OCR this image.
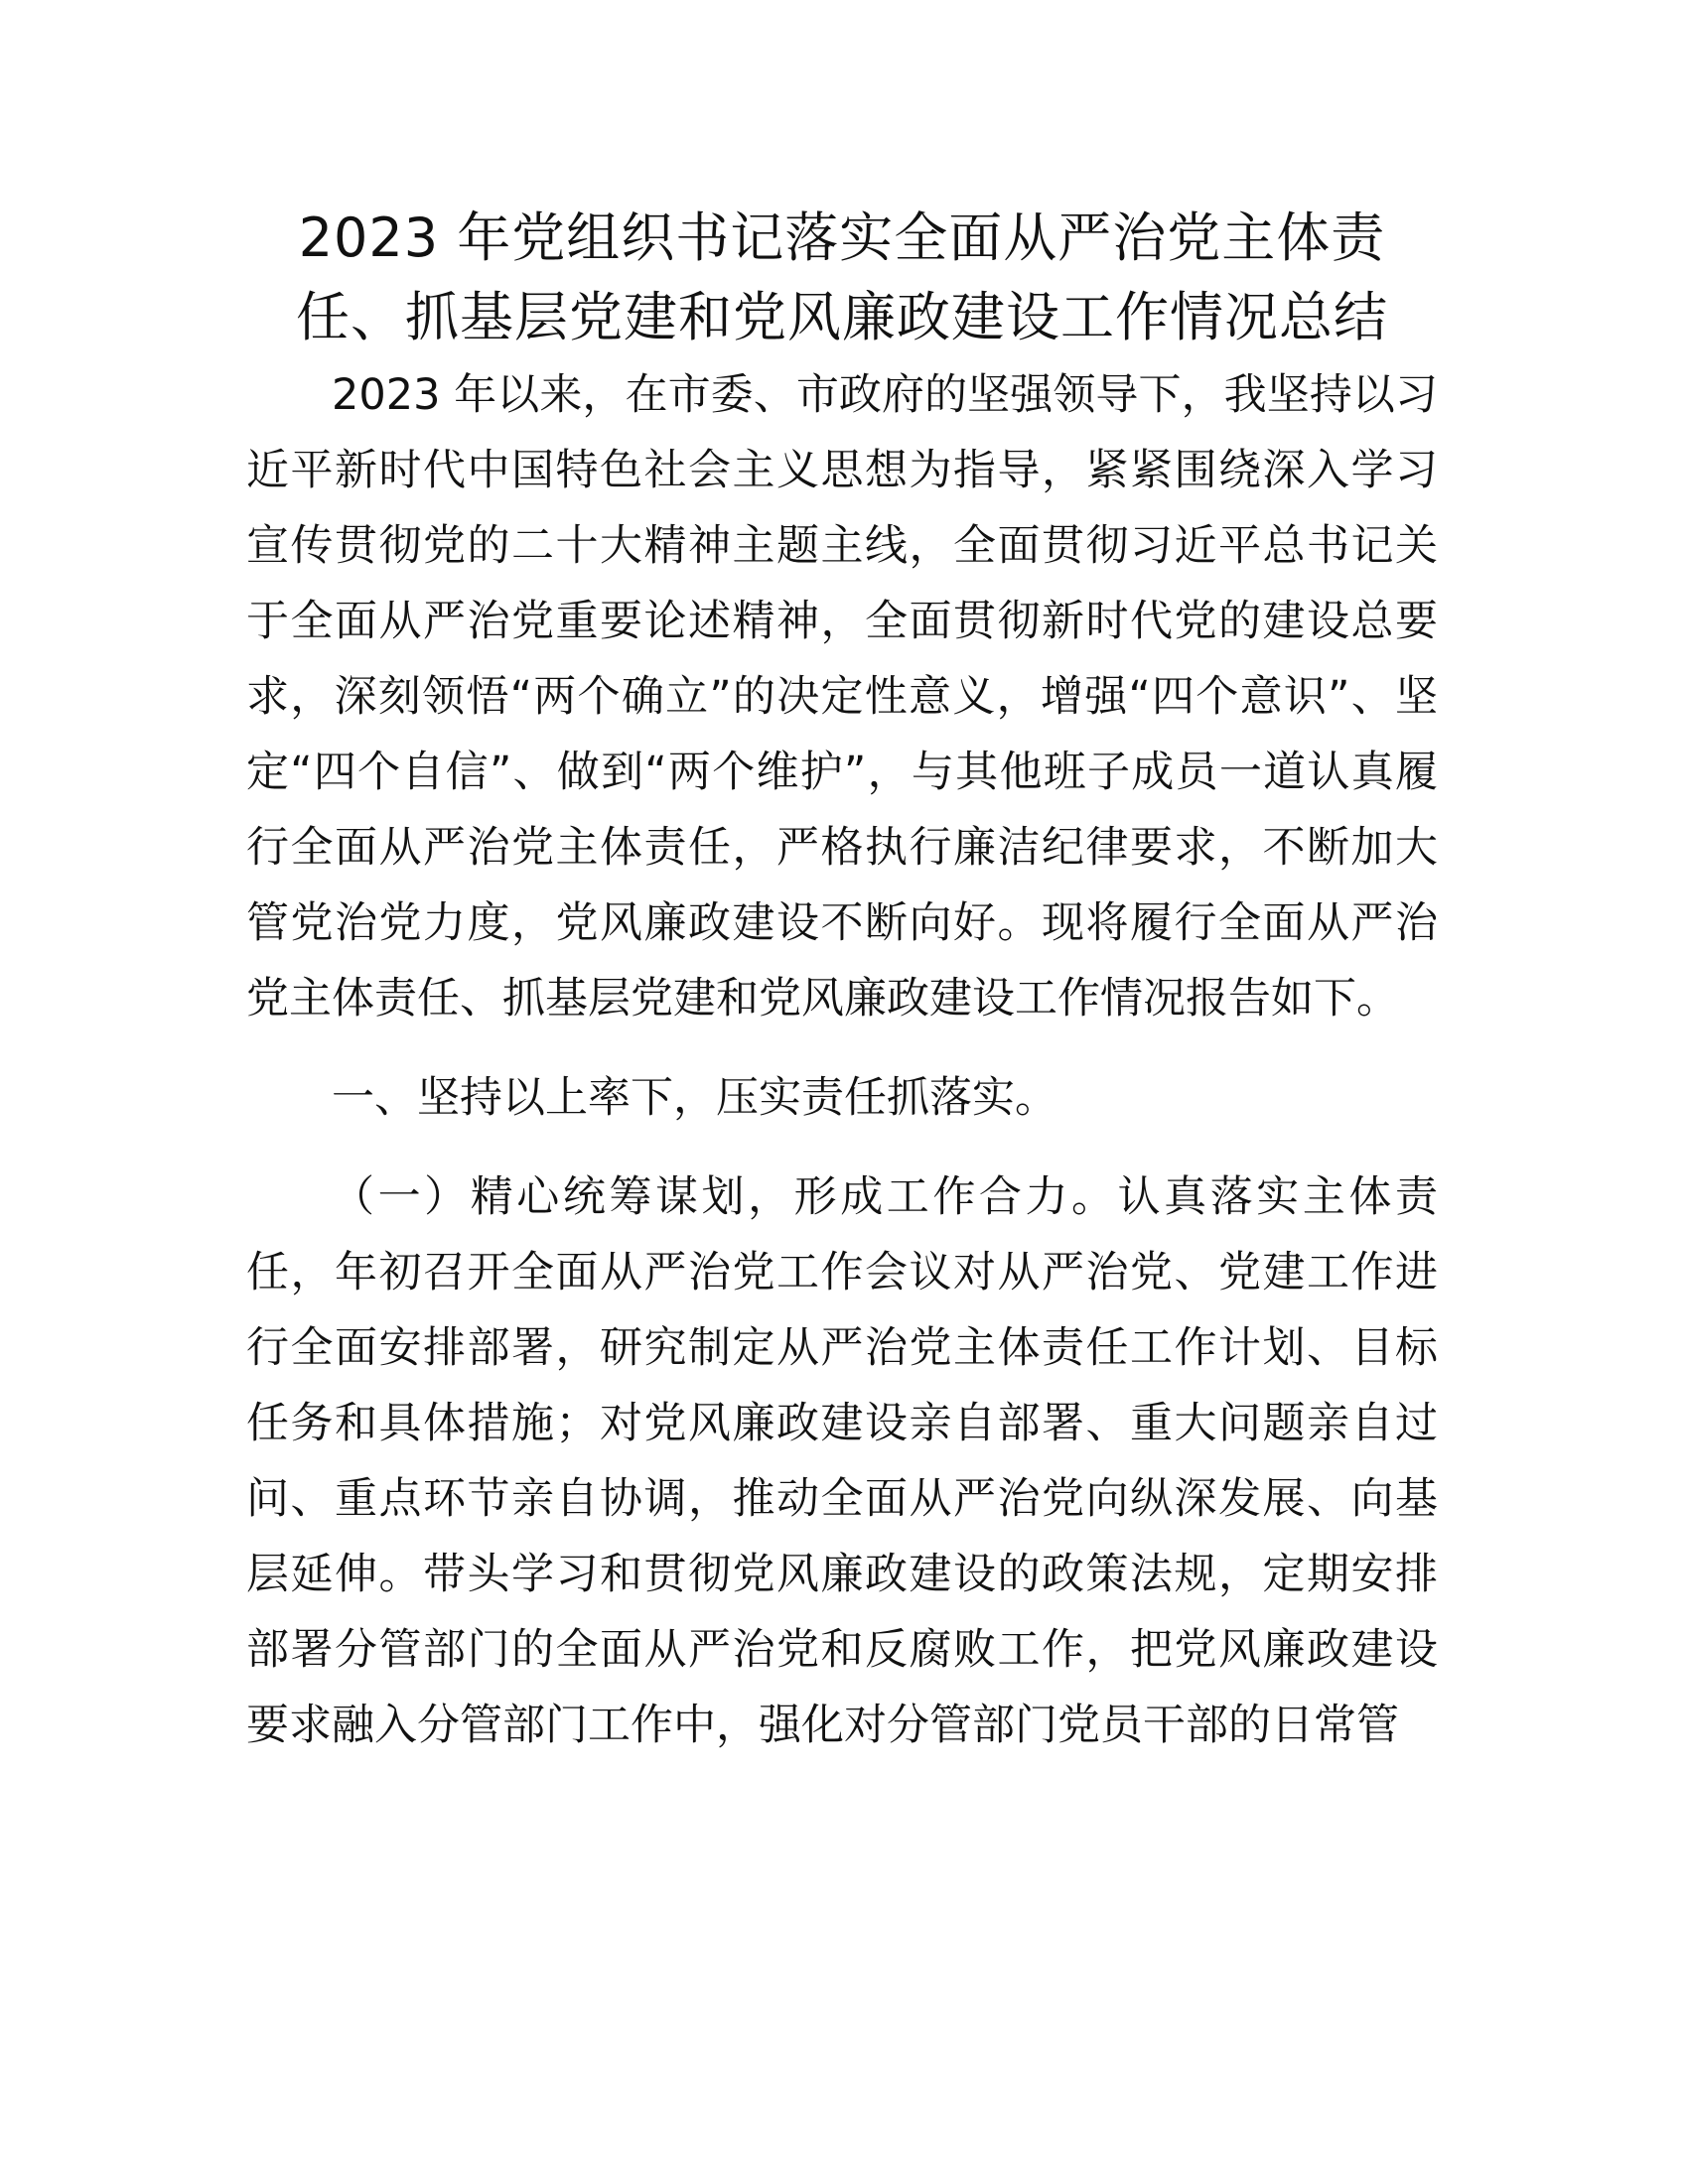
2023 年党组织书记落实全面从严治党主体责
任、抓基层党建和党风廉政建设工作情况总结

2023 年以来，在市委、市政府的坚强领导下，我坚持以习近平新时代中国特色社会主义思想为指导，紧紧围绕深入学习宣传贯彻党的二十大精神主题主线，全面贯彻习近平总书记关于全面从严治党重要论述精神，全面贯彻新时代党的建设总要求，深刻领悟“两个确立”的决定性意义，增强“四个意识”、坚定“四个自信”、做到“两个维护”，与其他班子成员一道认真履行全面从严治党主体责任，严格执行廉洁纪律要求，不断加大管党治党力度，党风廉政建设不断向好。现将履行全面从严治党主体责任、抓基层党建和党风廉政建设工作情况报告如下。

一、坚持以上率下，压实责任抓落实。

（一）精心统筹谋划，形成工作合力。认真落实主体责任，年初召开全面从严治党工作会议对从严治党、党建工作进行全面安排部署，研究制定从严治党主体责任工作计划、目标任务和具体措施；对党风廉政建设亲自部署、重大问题亲自过问、重点环节亲自协调，推动全面从严治党向纵深发展、向基层延伸。带头学习和贯彻党风廉政建设的政策法规，定期安排部署分管部门的全面从严治党和反腐败工作，把党风廉政建设要求融入分管部门工作中，强化对分管部门党员干部的日常管
